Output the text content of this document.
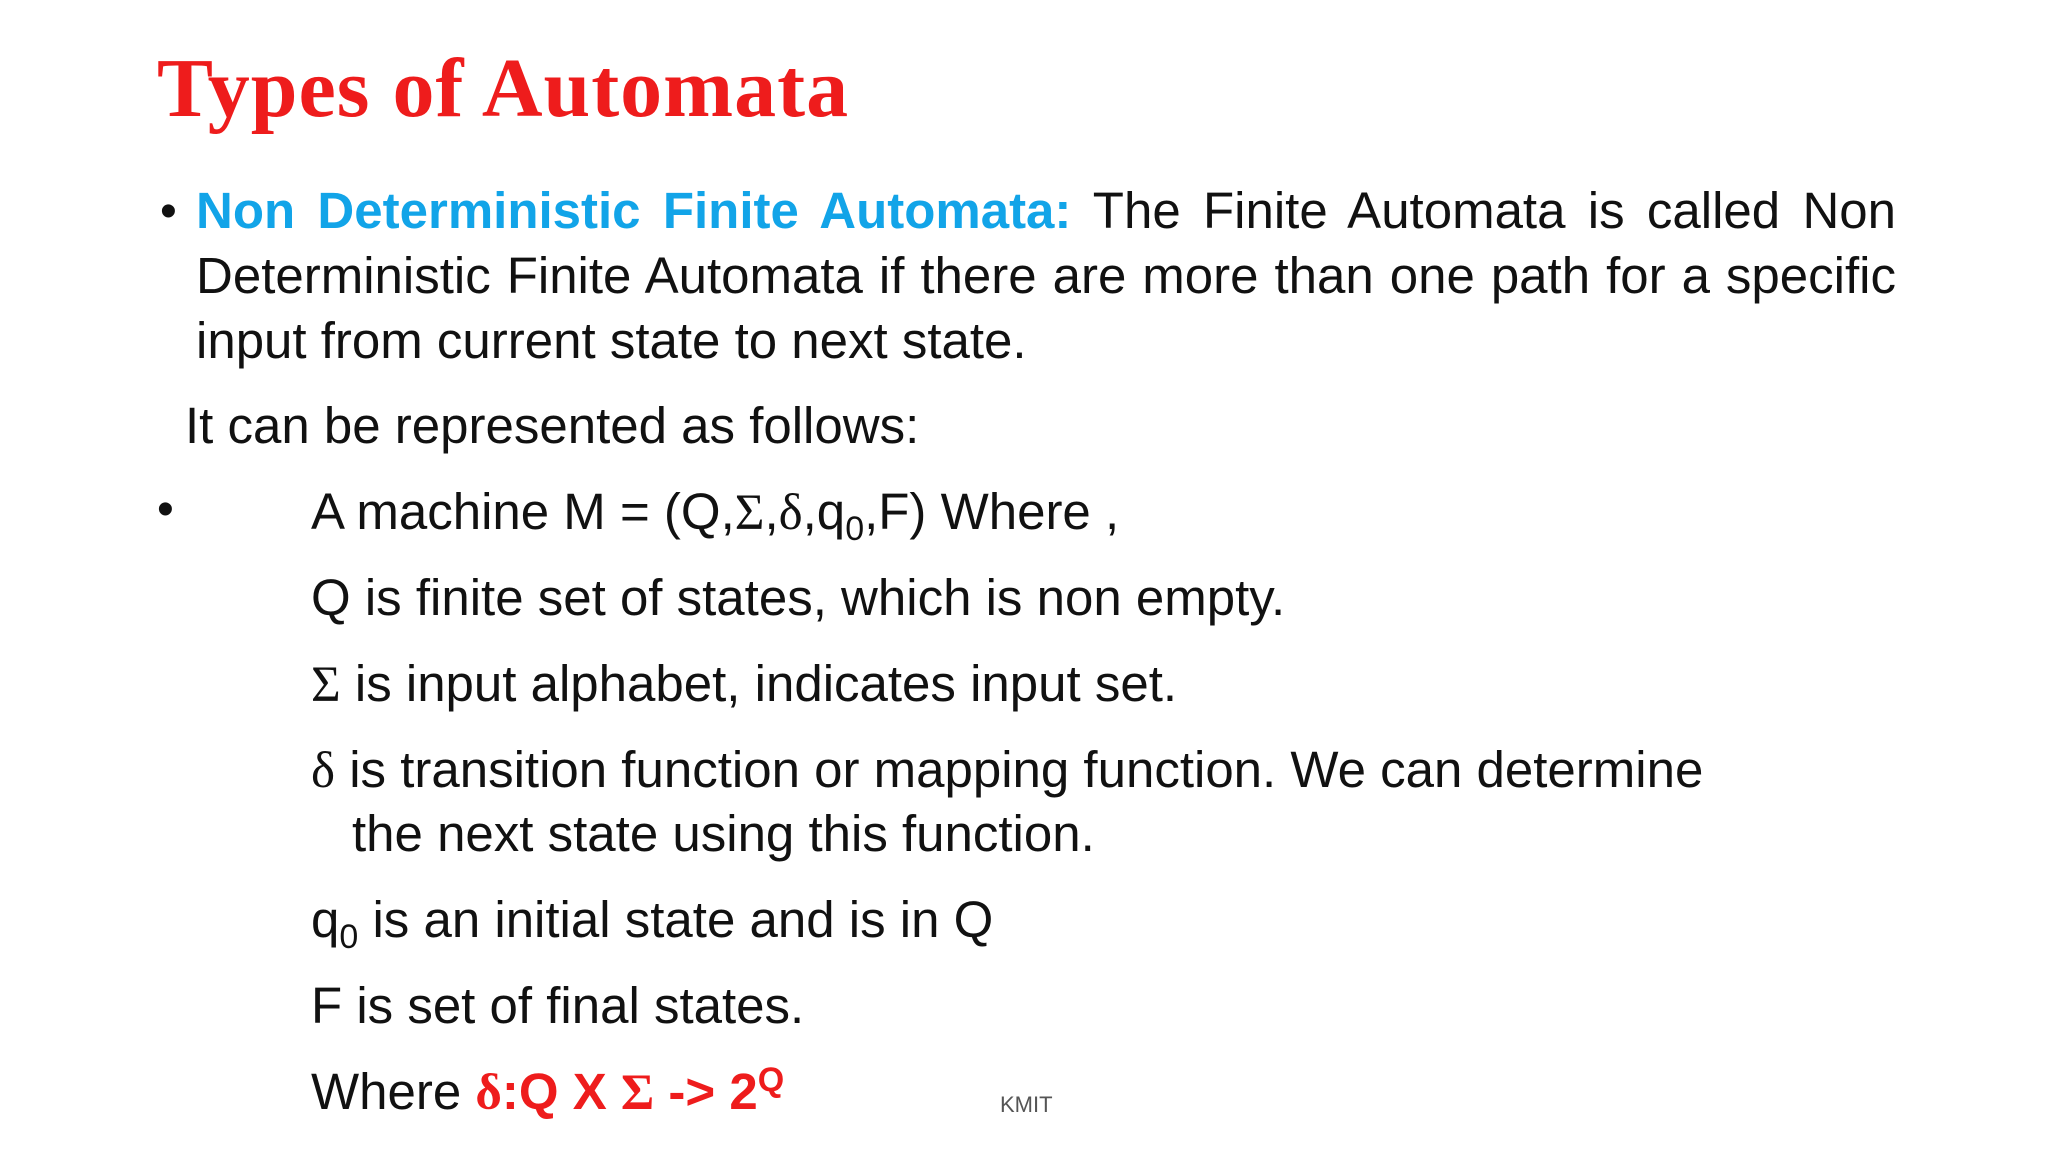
Types of Automata
• Non Deterministic Finite Automata: The Finite Automata is called Non Deterministic Finite Automata if there are more than one path for a specific input from current state to next state.
It can be represented as follows:
•	A machine $M = (Q,\Sigma,\delta,q_0,F)$ Where ,
Q is finite set of states, which is non empty.
Σ is input alphabet, indicates input set.
δ is transition function or mapping function. We can determine
the next state using this function.
$q_0$ is an initial state and is in Q
F is set of final states.
Where δ:Q X $\Sigma -> 2^Q$
KMIT
